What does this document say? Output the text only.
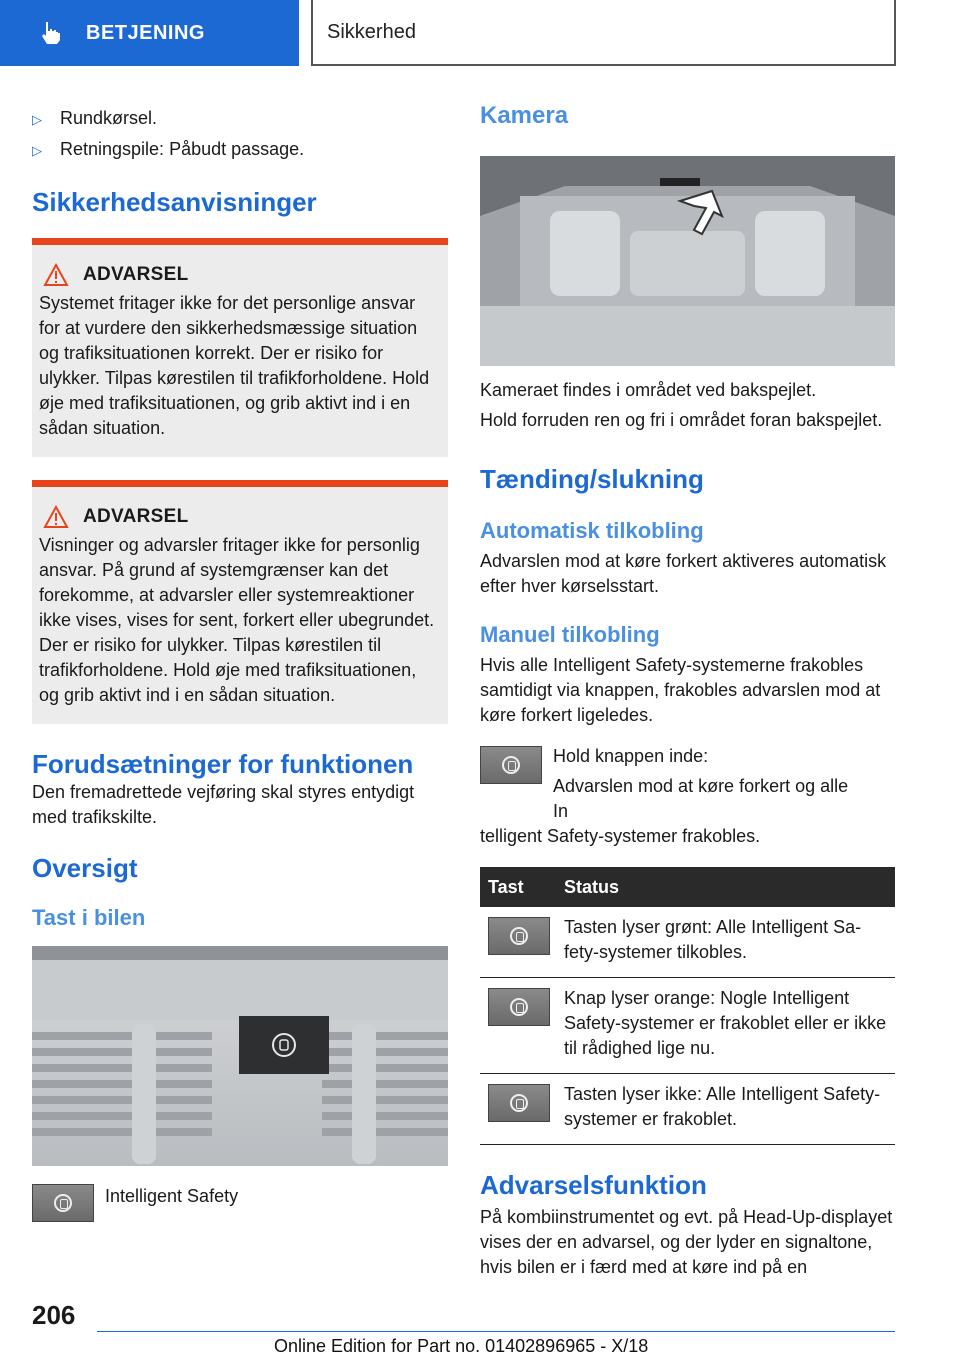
BETJENING	Sikkerhed
▷	Rundkørsel.
▷	Retningspile: Påbudt passage.
Sikkerhedsanvisninger
ADVARSEL

Systemet fritager ikke for det personlige ansvar for at vurdere den sikkerhedsmæssige situation og trafiksituationen korrekt. Der er risiko for ulykker. Tilpas kørestilen til trafikforholdene. Hold øje med trafiksituationen, og grib aktivt ind i en sådan situation.

ADVARSEL

Visninger og advarsler fritager ikke for personlig ansvar. På grund af systemgrænser kan det forekomme, at advarsler eller systemreaktioner ikke vises, vises for sent, forkert eller ubegrundet. Der er risiko for ulykker. Tilpas kørestilen til trafikforholdene. Hold øje med trafiksituationen, og grib aktivt ind i en sådan situation.

Forudsætninger for funktionen

Den fremadrettede vejføring skal styres entydigt med trafikskilte.

Oversigt
Tast i bilen

Intelligent Safety

Kamera

Kameraet findes i området ved bakspejlet.

Hold forruden ren og fri i området foran bakspejlet.

Tænding/slukning
Automatisk tilkobling

Advarslen mod at køre forkert aktiveres automatisk efter hver kørselsstart.

Manuel tilkobling

Hvis alle Intelligent Safety-systemerne frakobles samtidigt via knappen, frakobles advarslen mod at køre forkert ligeledes.

Hold knappen inde:

Advarslen mod at køre forkert og alle In

telligent Safety-systemer frakobles.

Tast	Status

	Tasten lyser grønt: Alle Intelligent Safety-systemer tilkobles.

	Knap lyser orange: Nogle Intelligent Safety-systemer er frakoblet eller er ikke til rådighed lige nu.

	Tasten lyser ikke: Alle Intelligent Safety-systemer er frakoblet.
Advarselsfunktion

På kombiinstrumentet og evt. på Head-Up-displayet vises der en advarsel, og der lyder en signaltone, hvis bilen er i færd med at køre ind på en

206
Online Edition for Part no. 01402896965 - X/18
